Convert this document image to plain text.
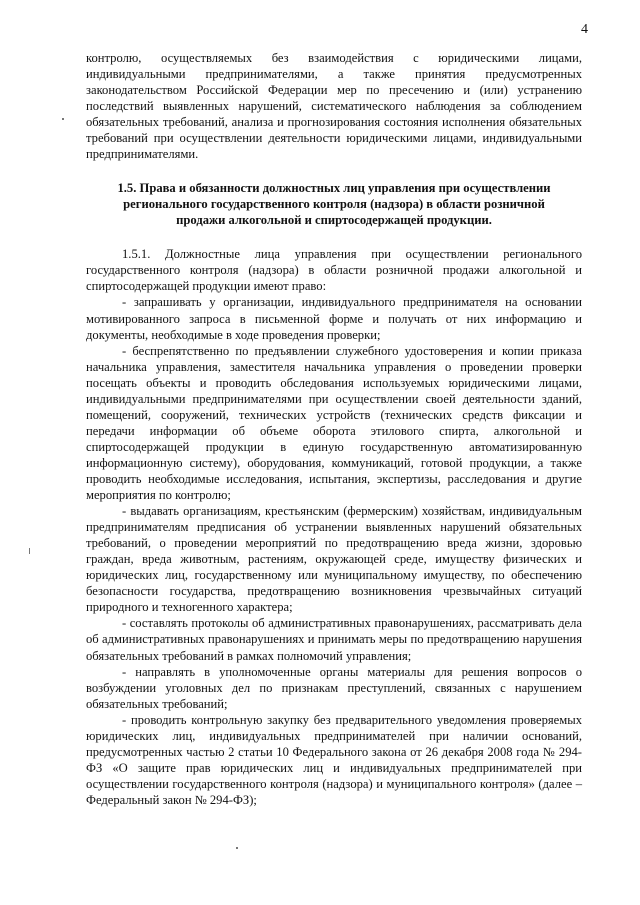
4

контролю, осуществляемых без взаимодействия с юридическими лицами, индивидуальными предпринимателями, а также принятия предусмотренных законодательством Российской Федерации мер по пресечению и (или) устранению последствий выявленных нарушений, систематического наблюдения за соблюдением обязательных требований, анализа и прогнозирования состояния исполнения обязательных требований при осуществлении деятельности юридическими лицами, индивидуальными предпринимателями.

1.5. Права и обязанности должностных лиц управления при осуществлении регионального государственного контроля (надзора) в области розничной продажи алкогольной и спиртосодержащей продукции.

1.5.1. Должностные лица управления при осуществлении регионального государственного контроля (надзора) в области розничной продажи алкогольной и спиртосодержащей продукции имеют право:

- запрашивать у организации, индивидуального предпринимателя на основании мотивированного запроса в письменной форме и получать от них информацию и документы, необходимые в ходе проведения проверки;

- беспрепятственно по предъявлении служебного удостоверения и копии приказа начальника управления, заместителя начальника управления о проведении проверки посещать объекты и проводить обследования используемых юридическими лицами, индивидуальными предпринимателями при осуществлении своей деятельности зданий, помещений, сооружений, технических устройств (технических средств фиксации и передачи информации об объеме оборота этилового спирта, алкогольной и спиртосодержащей продукции в единую государственную автоматизированную информационную систему), оборудования, коммуникаций, готовой продукции, а также проводить необходимые исследования, испытания, экспертизы, расследования и другие мероприятия по контролю;

- выдавать организациям, крестьянским (фермерским) хозяйствам, индивидуальным предпринимателям предписания об устранении выявленных нарушений обязательных требований, о проведении мероприятий по предотвращению вреда жизни, здоровью граждан, вреда животным, растениям, окружающей среде, имуществу физических и юридических лиц, государственному или муниципальному имуществу, по обеспечению безопасности государства, предотвращению возникновения чрезвычайных ситуаций природного и техногенного характера;

- составлять протоколы об административных правонарушениях, рассматривать дела об административных правонарушениях и принимать меры по предотвращению нарушения обязательных требований в рамках полномочий управления;

- направлять в уполномоченные органы материалы для решения вопросов о возбуждении уголовных дел по признакам преступлений, связанных с нарушением обязательных требований;

- проводить контрольную закупку без предварительного уведомления проверяемых юридических лиц, индивидуальных предпринимателей при наличии оснований, предусмотренных частью 2 статьи 10 Федерального закона от 26 декабря 2008 года № 294-ФЗ «О защите прав юридических лиц и индивидуальных предпринимателей при осуществлении государственного контроля (надзора) и муниципального контроля» (далее – Федеральный закон № 294-ФЗ);
